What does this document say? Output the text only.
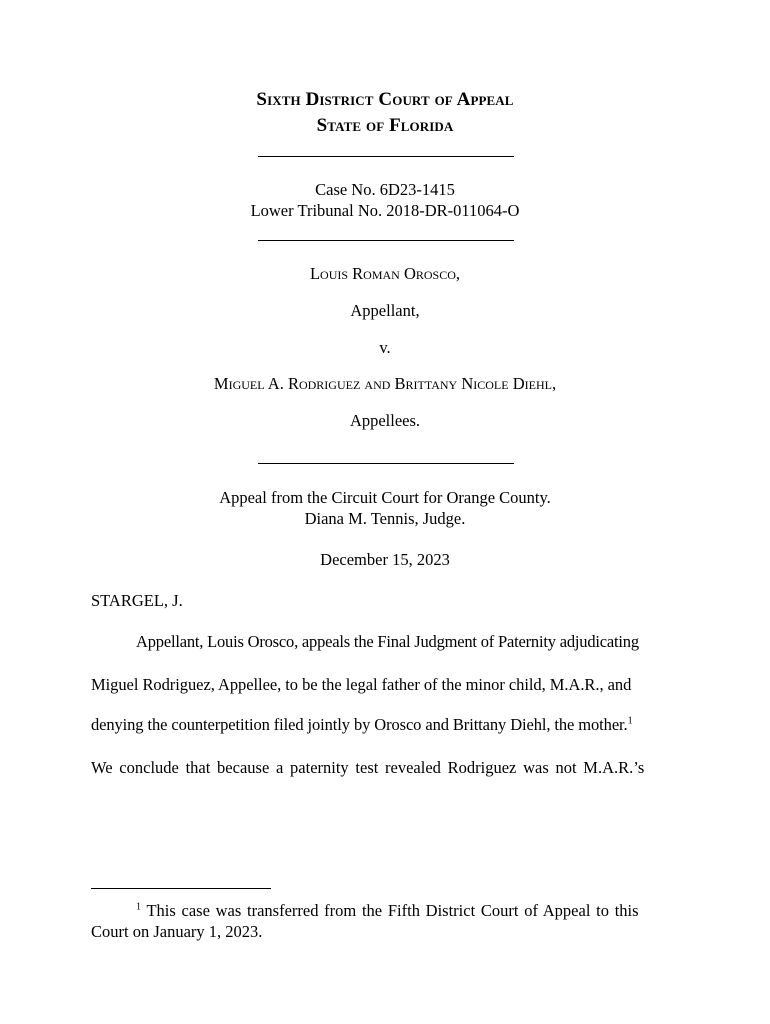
Sixth District Court of Appeal
State of Florida
Case No. 6D23-1415
Lower Tribunal No. 2018-DR-011064-O
Louis Roman Orosco,
Appellant,
v.
Miguel A. Rodriguez and Brittany Nicole Diehl,
Appellees.
Appeal from the Circuit Court for Orange County.
Diana M. Tennis, Judge.
December 15, 2023
STARGEL, J.
Appellant, Louis Orosco, appeals the Final Judgment of Paternity adjudicating
Miguel Rodriguez, Appellee, to be the legal father of the minor child, M.A.R., and
denying the counterpetition filed jointly by Orosco and Brittany Diehl, the mother.$^1$
We conclude that because a paternity test revealed Rodriguez was not M.A.R.’s
$^1$ This case was transferred from the Fifth District Court of Appeal to this
Court on January 1, 2023.
